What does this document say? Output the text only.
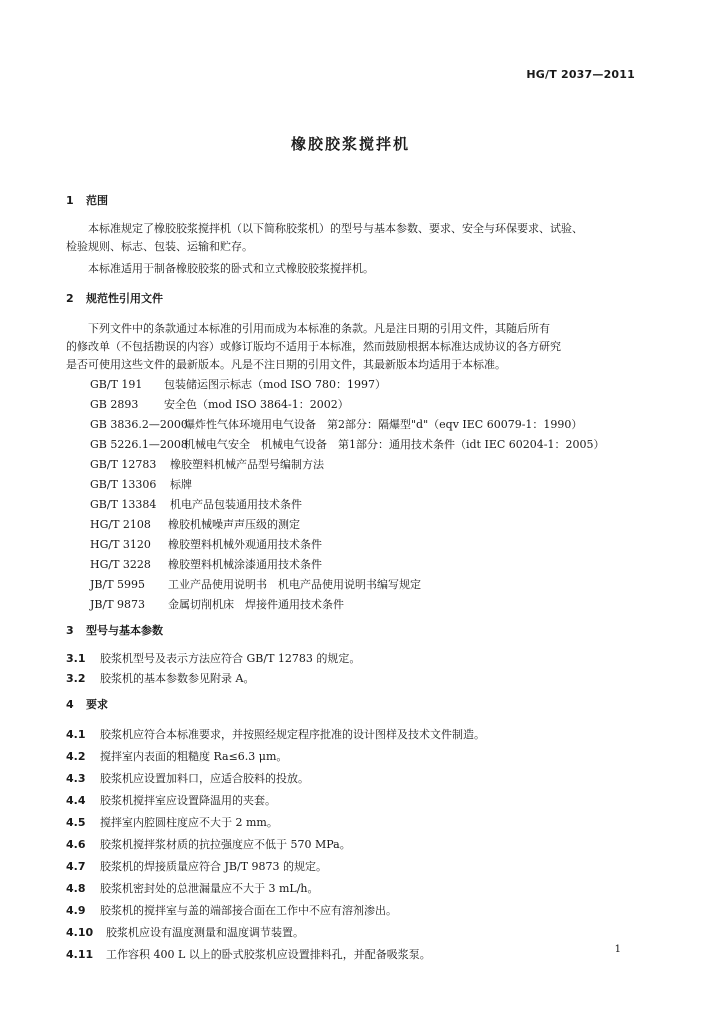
HG/T 2037—2011
橡胶胶浆搅拌机
1 范围
本标准规定了橡胶胶浆搅拌机（以下简称胶浆机）的型号与基本参数、要求、安全与环保要求、试验、
检验规则、标志、包装、运输和贮存。
本标准适用于制备橡胶胶浆的卧式和立式橡胶胶浆搅拌机。
2 规范性引用文件
下列文件中的条款通过本标准的引用而成为本标准的条款。凡是注日期的引用文件，其随后所有
的修改单（不包括勘误的内容）或修订版均不适用于本标准，然而鼓励根据本标准达成协议的各方研究
是否可使用这些文件的最新版本。凡是不注日期的引用文件，其最新版本均适用于本标准。
GB/T 191 包装储运图示标志（mod ISO 780：1997）
GB 2893 安全色（mod ISO 3864-1：2002）
GB 3836.2—2000爆炸性气体环境用电气设备　第2部分：隔爆型"d"（eqv IEC 60079-1：1990）
GB 5226.1—2008机械电气安全　机械电气设备　第1部分：通用技术条件（idt IEC 60204-1：2005）
GB/T 12783 橡胶塑料机械产品型号编制方法
GB/T 13306 标牌
GB/T 13384 机电产品包装通用技术条件
HG/T 2108 橡胶机械噪声声压级的测定
HG/T 3120 橡胶塑料机械外观通用技术条件
HG/T 3228 橡胶塑料机械涂漆通用技术条件
JB/T 5995 工业产品使用说明书　机电产品使用说明书编写规定
JB/T 9873 金属切削机床　焊接件通用技术条件
3 型号与基本参数
3.1 胶浆机型号及表示方法应符合 GB/T 12783 的规定。
3.2 胶浆机的基本参数参见附录 A。
4 要求
4.1 胶浆机应符合本标准要求，并按照经规定程序批准的设计图样及技术文件制造。
4.2 搅拌室内表面的粗糙度 Ra≤6.3 μm。
4.3 胶浆机应设置加料口，应适合胶料的投放。
4.4 胶浆机搅拌室应设置降温用的夹套。
4.5 搅拌室内腔圆柱度应不大于 2 mm。
4.6 胶浆机搅拌浆材质的抗拉强度应不低于 570 MPa。
4.7 胶浆机的焊接质量应符合 JB/T 9873 的规定。
4.8 胶浆机密封处的总泄漏量应不大于 3 mL/h。
4.9 胶浆机的搅拌室与盖的端部接合面在工作中不应有溶剂渗出。
4.10 胶浆机应设有温度测量和温度调节装置。
4.11 工作容积 400 L 以上的卧式胶浆机应设置排料孔，并配备吸浆泵。	1
